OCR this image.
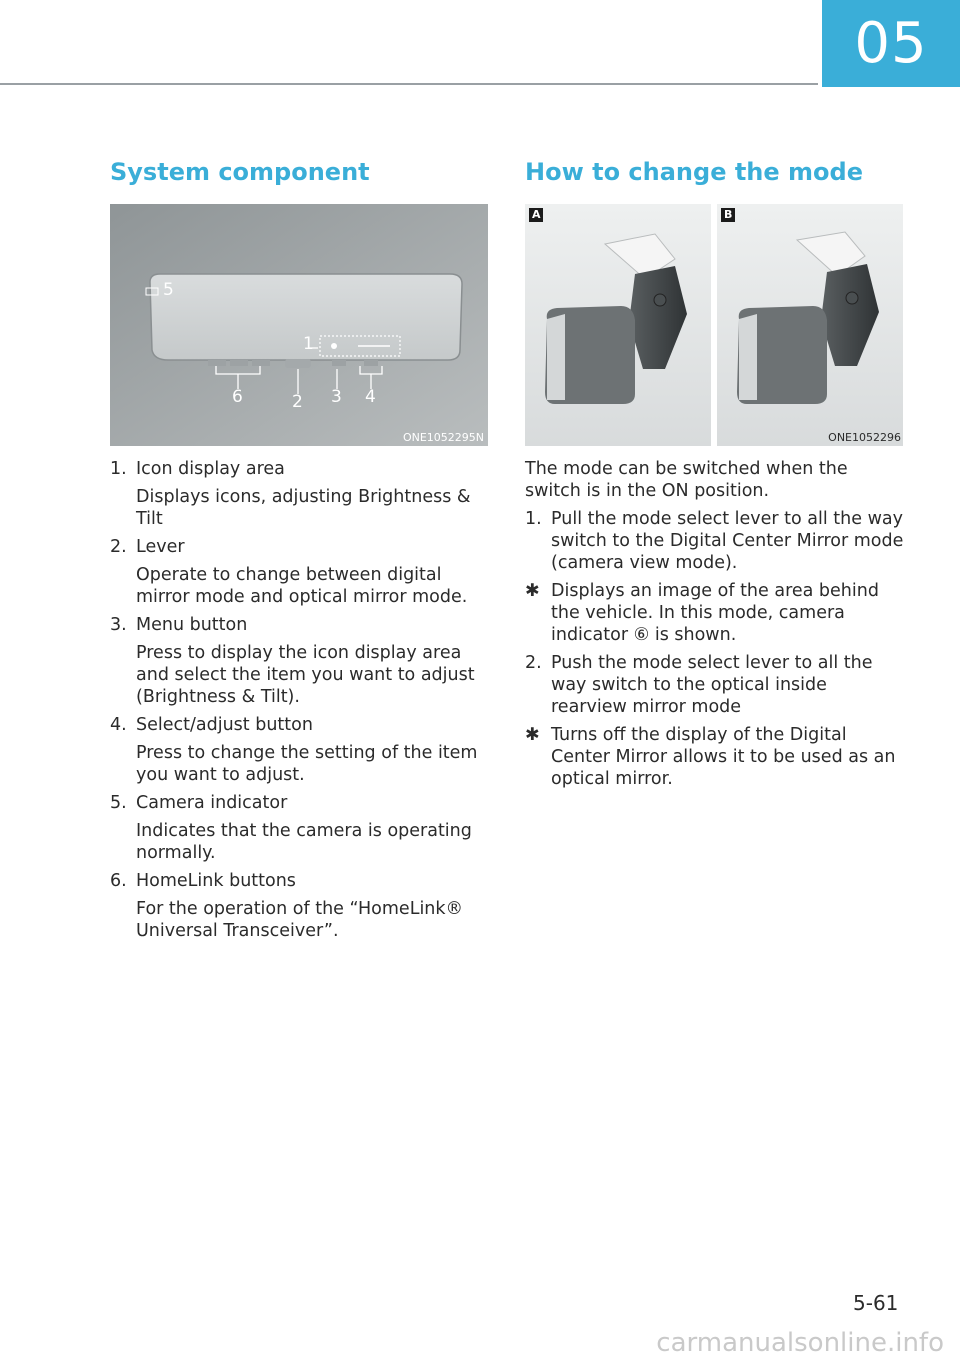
05
System component
1
2 3 4
5
6
ONE1052295N
1. Icon display area
Displays icons, adjusting Brightness & Tilt
2. Lever
Operate to change between digital mirror mode and optical mirror mode.
3. Menu button
Press to display the icon display area and select the item you want to adjust (Brightness & Tilt).
4. Select/adjust button
Press to change the setting of the item you want to adjust.
5. Camera indicator
Indicates that the camera is operating normally.
6. HomeLink buttons
For the operation of the “HomeLink® Universal Transceiver”.
How to change the mode
A	B
ONE1052296
The mode can be switched when the switch is in the ON position.
1. Pull the mode select lever to all the way switch to the Digital Center Mirror mode (camera view mode).
✱ Displays an image of the area behind the vehicle. In this mode, camera indicator ⑥ is shown.
2. Push the mode select lever to all the way switch to the optical inside rearview mirror mode
✱ Turns off the display of the Digital Center Mirror allows it to be used as an optical mirror.
5-61
carmanualsonline.info
